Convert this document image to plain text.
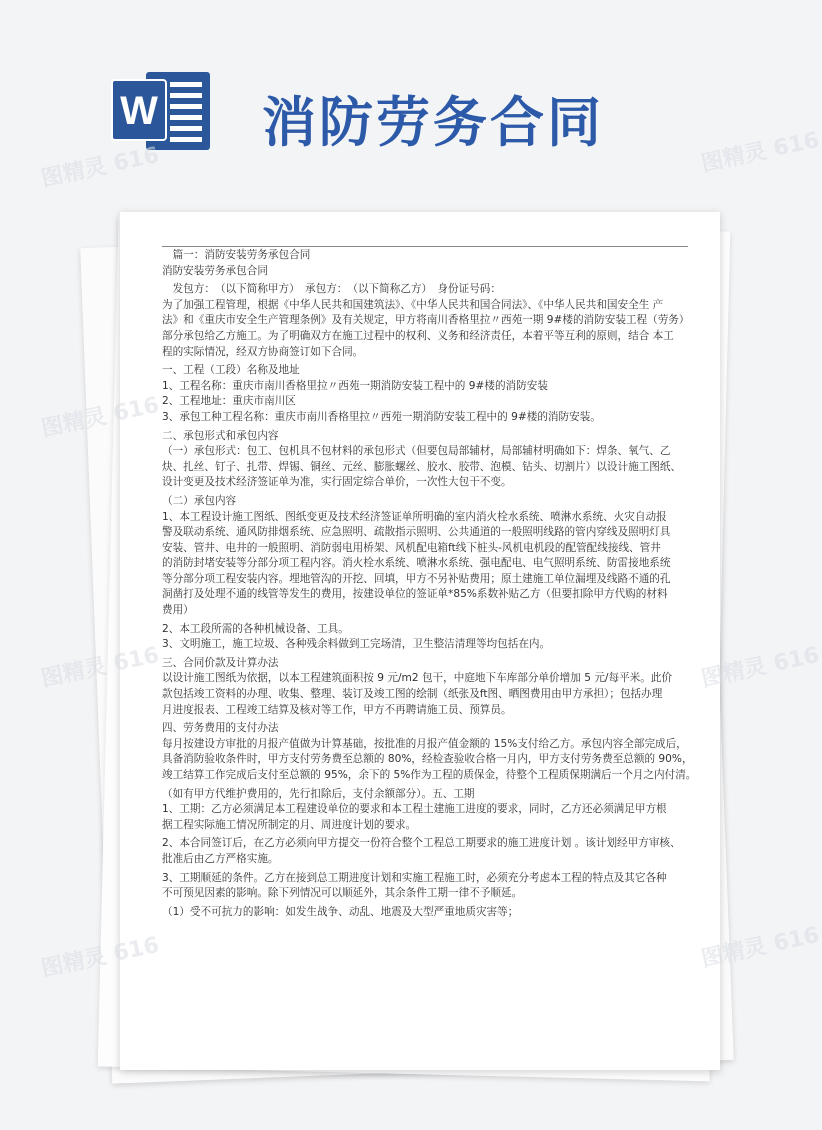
W 消防劳务合同
　篇一：消防安装劳务承包合同
消防安装劳务承包合同
　发包方：　（以下简称甲方）　承包方：　（以下简称乙方）　身份证号码：
为了加强工程管理，根据《中华人民共和国建筑法》、《中华人民共和国合同法》、《中华人民共和国安全生 产
法》和《重庆市安全生产管理条例》及有关规定，甲方将南川香格里拉〃西苑一期 9#楼的消防安装工程（劳务）
部分承包给乙方施工。为了明确双方在施工过程中的权利、义务和经济责任，本着平等互利的原则，结合 本工
程的实际情况，经双方协商签订如下合同。
一、工程（工段）名称及地址
1、工程名称：重庆市南川香格里拉〃西苑一期消防安装工程中的 9#楼的消防安装
2、工程地址：重庆市南川区
3、承包工种工程名称：重庆市南川香格里拉〃西苑一期消防安装工程中的 9#楼的消防安装。
二、承包形式和承包内容
（一）承包形式：包工、包机具不包材料的承包形式（但要包局部辅材，局部辅材明确如下：焊条、氧气、乙
炔、扎丝、钉子、扎带、焊锡、铜丝、元丝、膨胀螺丝、胶水、胶带、泡模、钻头、切割片）以设计施工图纸、
设计变更及技术经济签证单为准，实行固定综合单价，一次性大包干不变。
（二）承包内容
1、本工程设计施工图纸、图纸变更及技术经济签证单所明确的室内消火栓水系统、喷淋水系统、火灾自动报
警及联动系统、通风防排烟系统、应急照明、疏散指示照明、公共通道的一般照明线路的管内穿线及照明灯具
安装、管井、电井的一般照明、消防弱电用桥架、风机配电箱ft线下桩头-风机电机段的配管配线接线、管井
的消防封堵安装等分部分项工程内容。消火栓水系统、喷淋水系统、强电配电、电气照明系统、防雷接地系统
等分部分项工程安装内容。埋地管沟的开挖、回填，甲方不另补贴费用；原土建施工单位漏埋及线路不通的孔
洞凿打及处理不通的线管等发生的费用，按建设单位的签证单*85%系数补贴乙方（但要扣除甲方代购的材料
费用）
2、本工段所需的各种机械设备、工具。
3、文明施工，施工垃圾、各种残余料做到工完场清，卫生整洁清理等均包括在内。
三、合同价款及计算办法
以设计施工图纸为依据，以本工程建筑面积按 9 元/m2 包干，中庭地下车库部分单价增加 5 元/每平米。此价
款包括竣工资料的办理、收集、整理、装订及竣工图的绘制（纸张及ft图、晒图费用由甲方承担）；包括办理
月进度报表、工程竣工结算及核对等工作，甲方不再聘请施工员、预算员。
四、劳务费用的支付办法
每月按建设方审批的月报产值做为计算基础，按批准的月报产值金额的 15%支付给乙方。承包内容全部完成后，
具备消防验收条件时，甲方支付劳务费至总额的 80%，经检查验收合格一月内，甲方支付劳务费至总额的 90%，
竣工结算工作完成后支付至总额的 95%，余下的 5%作为工程的质保金，待整个工程质保期满后一个月之内付清。
（如有甲方代维护费用的，先行扣除后，支付余额部分）。五、工期
1、工期：乙方必须满足本工程建设单位的要求和本工程土建施工进度的要求，同时，乙方还必须满足甲方根
据工程实际施工情况所制定的月、周进度计划的要求。
2、本合同签订后，在乙方必须向甲方提交一份符合整个工程总工期要求的施工进度计划 。该计划经甲方审核、
批准后由乙方严格实施。
3、工期顺延的条件。乙方在接到总工期进度计划和实施工程施工时，必须充分考虑本工程的特点及其它各种
不可预见因素的影响。除下列情况可以顺延外，其余条件工期一律不予顺延。
（1）受不可抗力的影响：如发生战争、动乱、地震及大型严重地质灾害等；
图精灵 616	图精灵 616
图精灵 616
图精灵 616	图精灵 616
图精灵 616	图精灵 616
